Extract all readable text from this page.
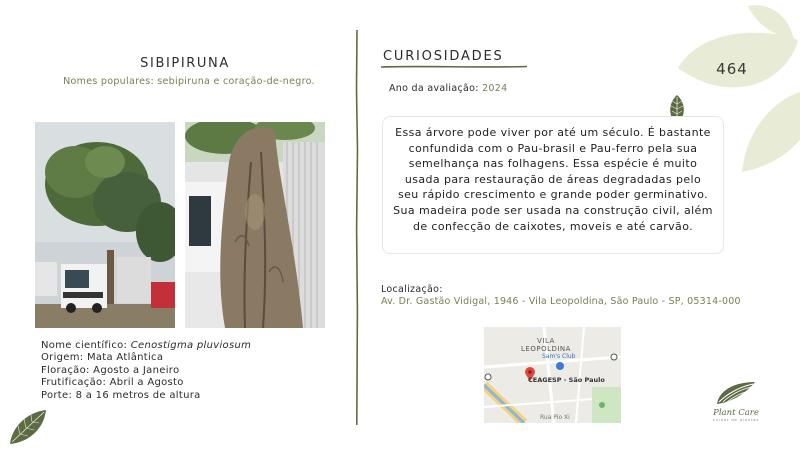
464
SIBIPIRUNA
Nomes populares: sebipiruna e coração-de-negro.
Nome científico: Cenostigma pluviosum
Origem: Mata Atlântica
Floração: Agosto a Janeiro
Frutificação: Abril a Agosto
Porte: 8 a 16 metros de altura
CURIOSIDADES
Ano da avaliação: 2024
Essa árvore pode viver por até um século. É bastante confundida com o Pau-brasil e Pau-ferro pela sua semelhança nas folhagens. Essa espécie é muito usada para restauração de áreas degradadas pelo seu rápido crescimento e grande poder germinativo. Sua madeira pode ser usada na construção civil, além de confecção de caixotes, moveis e até carvão.
Localização:
Av. Dr. Gastão Vidigal, 1946 - Vila Leopoldina, São Paulo - SP, 05314-000
VILA
LEOPOLDINA
Sam's Club
CEAGESP - São Paulo
Rua Pio Xi	Plant Care
cuidar de plantas
